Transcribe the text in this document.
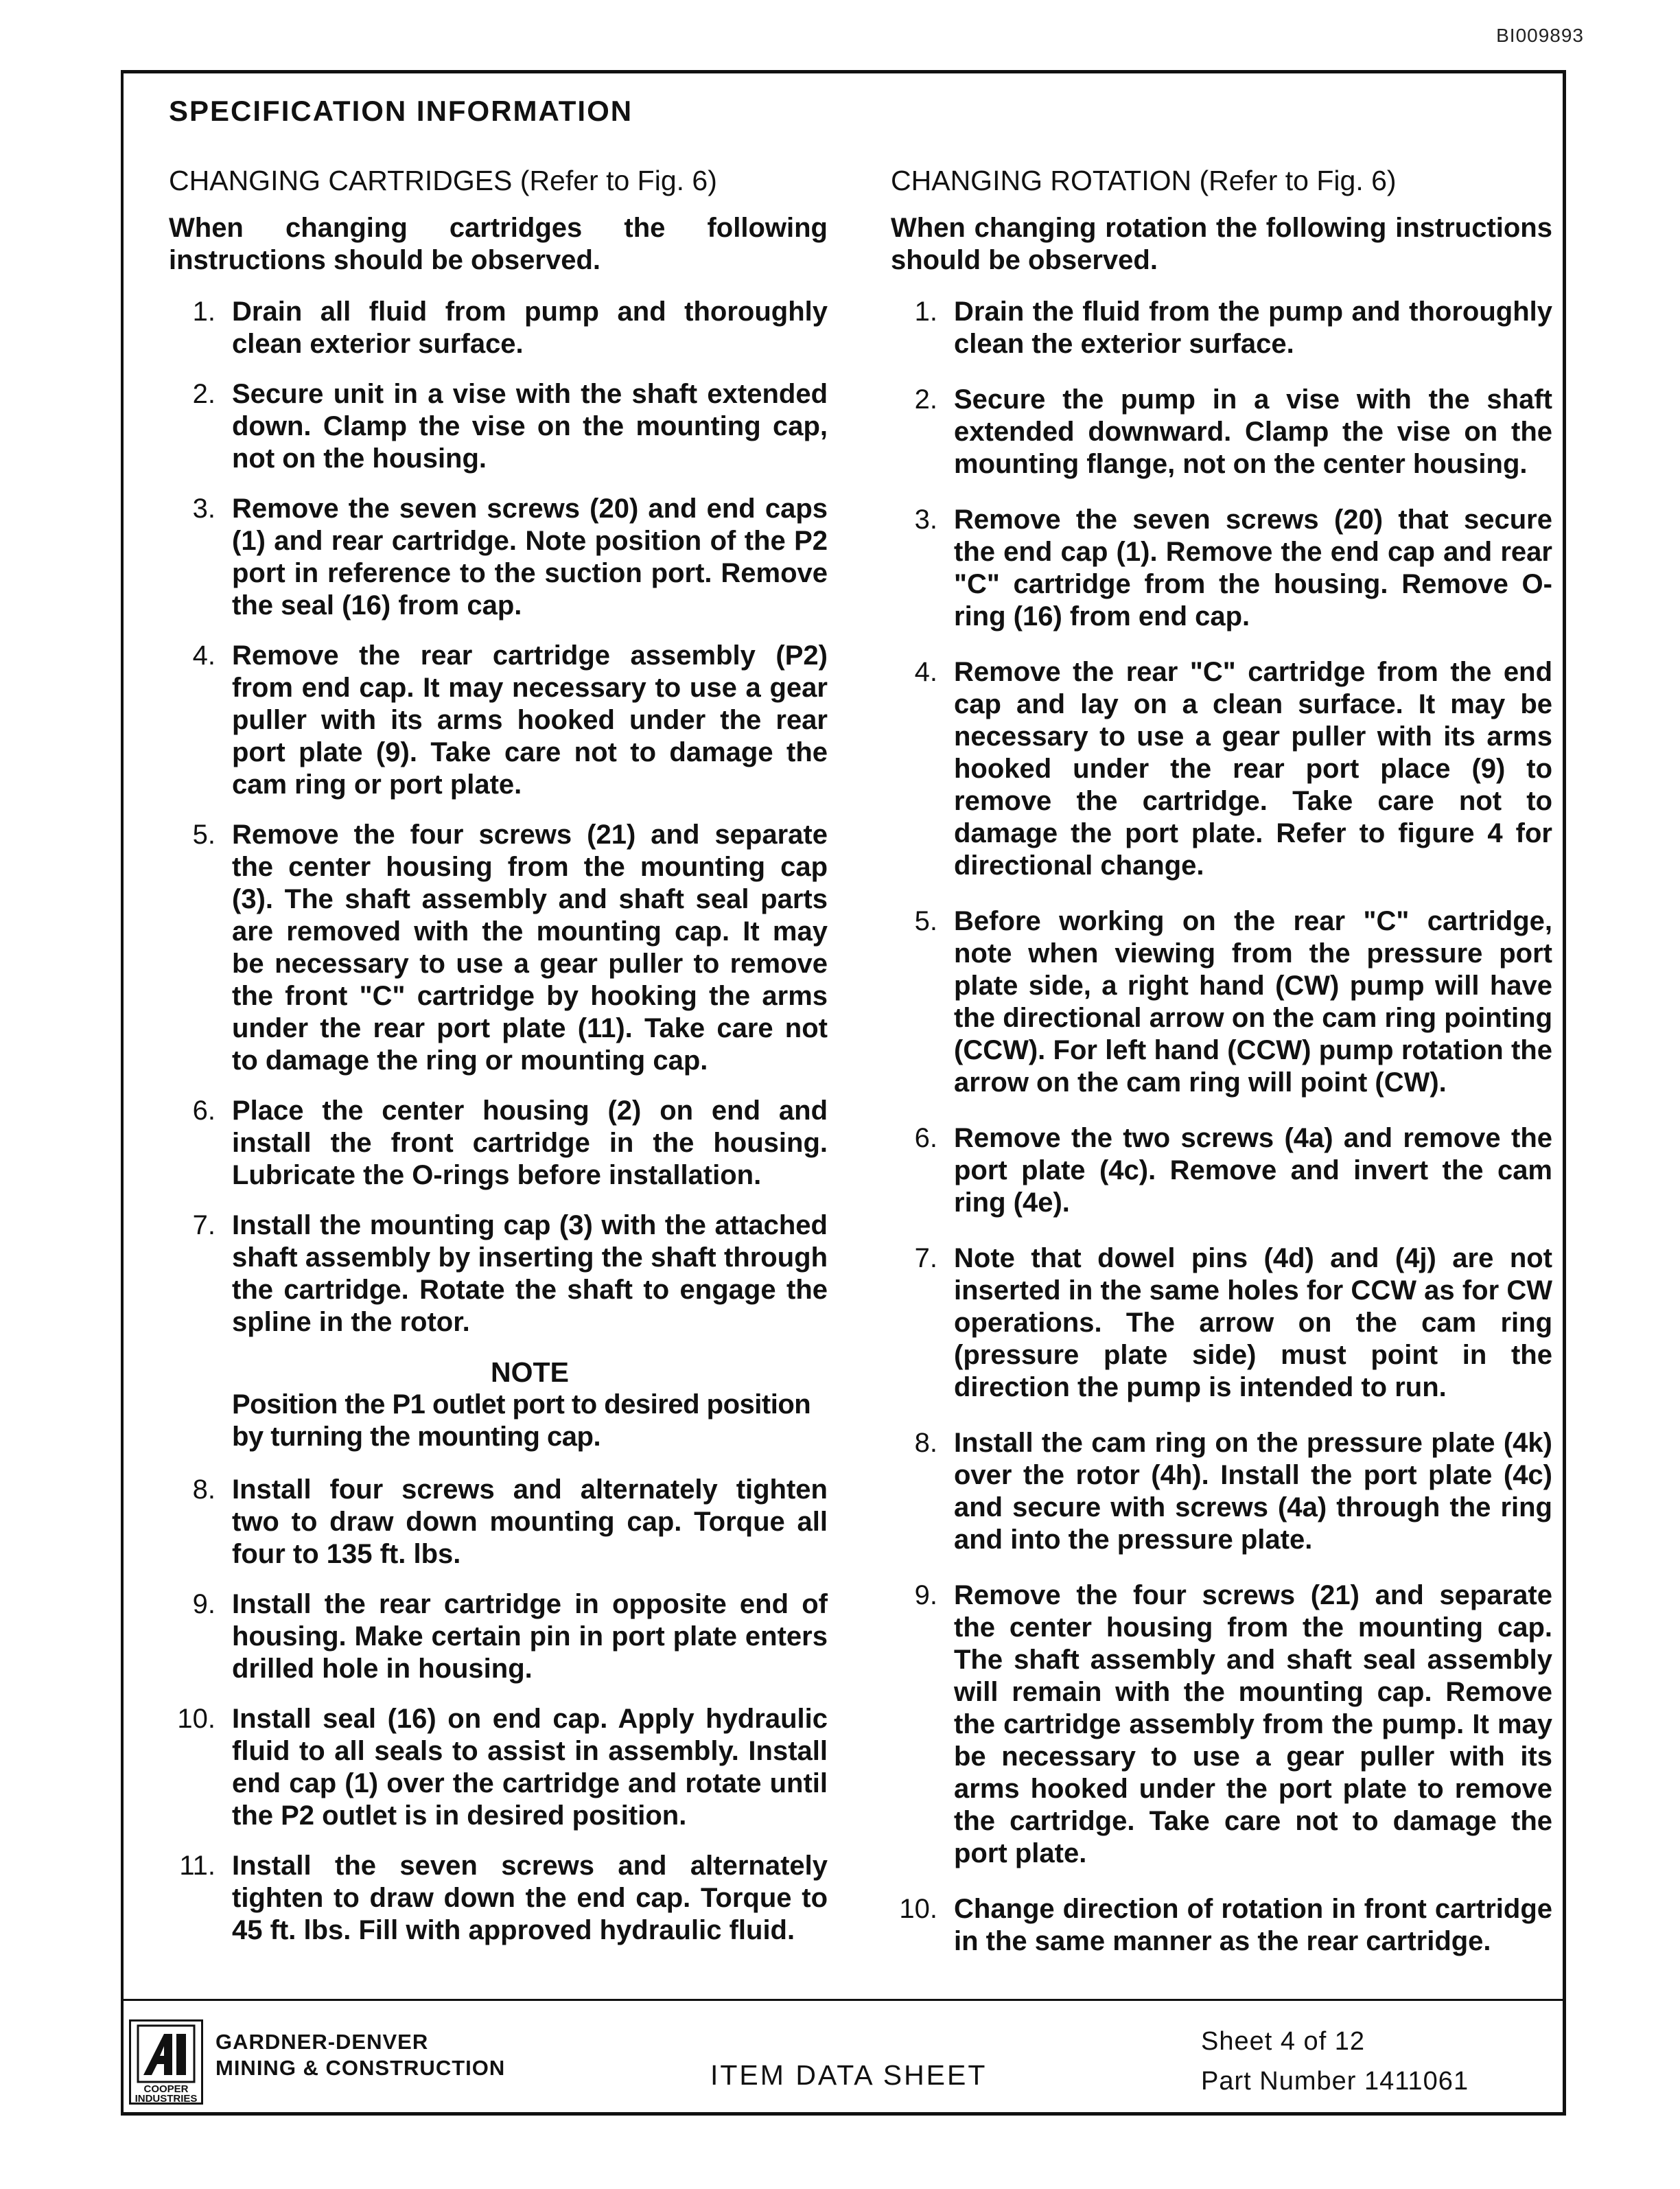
BI009893
SPECIFICATION INFORMATION
CHANGING CARTRIDGES (Refer to Fig. 6)
When changing cartridges the following instructions should be observed.
1. Drain all fluid from pump and thoroughly clean exterior surface.
2. Secure unit in a vise with the shaft extended down. Clamp the vise on the mounting cap, not on the housing.
3. Remove the seven screws (20) and end caps (1) and rear cartridge. Note position of the P2 port in reference to the suction port. Remove the seal (16) from cap.
4. Remove the rear cartridge assembly (P2) from end cap. It may necessary to use a gear puller with its arms hooked under the rear port plate (9). Take care not to damage the cam ring or port plate.
5. Remove the four screws (21) and separate the center housing from the mounting cap (3). The shaft assembly and shaft seal parts are removed with the mounting cap. It may be necessary to use a gear puller to remove the front "C" cartridge by hooking the arms under the rear port plate (11). Take care not to damage the ring or mounting cap.
6. Place the center housing (2) on end and install the front cartridge in the housing. Lubricate the O-rings before installation.
7. Install the mounting cap (3) with the attached shaft assembly by inserting the shaft through the cartridge. Rotate the shaft to engage the spline in the rotor.
NOTE
Position the P1 outlet port to desired position by turning the mounting cap.
8. Install four screws and alternately tighten two to draw down mounting cap. Torque all four to 135 ft. lbs.
9. Install the rear cartridge in opposite end of housing. Make certain pin in port plate enters drilled hole in housing.
10. Install seal (16) on end cap. Apply hydraulic fluid to all seals to assist in assembly. Install end cap (1) over the cartridge and rotate until the P2 outlet is in desired position.
11. Install the seven screws and alternately tighten to draw down the end cap. Torque to 45 ft. lbs. Fill with approved hydraulic fluid.
CHANGING ROTATION (Refer to Fig. 6)
When changing rotation the following instructions should be observed.
1. Drain the fluid from the pump and thoroughly clean the exterior surface.
2. Secure the pump in a vise with the shaft extended downward. Clamp the vise on the mounting flange, not on the center housing.
3. Remove the seven screws (20) that secure the end cap (1). Remove the end cap and rear "C" cartridge from the housing. Remove O-ring (16) from end cap.
4. Remove the rear "C" cartridge from the end cap and lay on a clean surface. It may be necessary to use a gear puller with its arms hooked under the rear port place (9) to remove the cartridge. Take care not to damage the port plate. Refer to figure 4 for directional change.
5. Before working on the rear "C" cartridge, note when viewing from the pressure port plate side, a right hand (CW) pump will have the directional arrow on the cam ring pointing (CCW). For left hand (CCW) pump rotation the arrow on the cam ring will point (CW).
6. Remove the two screws (4a) and remove the port plate (4c). Remove and invert the cam ring (4e).
7. Note that dowel pins (4d) and (4j) are not inserted in the same holes for CCW as for CW operations. The arrow on the cam ring (pressure plate side) must point in the direction the pump is intended to run.
8. Install the cam ring on the pressure plate (4k) over the rotor (4h). Install the port plate (4c) and secure with screws (4a) through the ring and into the pressure plate.
9. Remove the four screws (21) and separate the center housing from the mounting cap. The shaft assembly and shaft seal assembly will remain with the mounting cap. Remove the cartridge assembly from the pump. It may be necessary to use a gear puller with its arms hooked under the port plate to remove the cartridge. Take care not to damage the port plate.
10. Change direction of rotation in front cartridge in the same manner as the rear cartridge.
COOPER INDUSTRIES
GARDNER-DENVER
MINING & CONSTRUCTION	ITEM DATA SHEET
Sheet 4 of 12
Part Number 1411061
